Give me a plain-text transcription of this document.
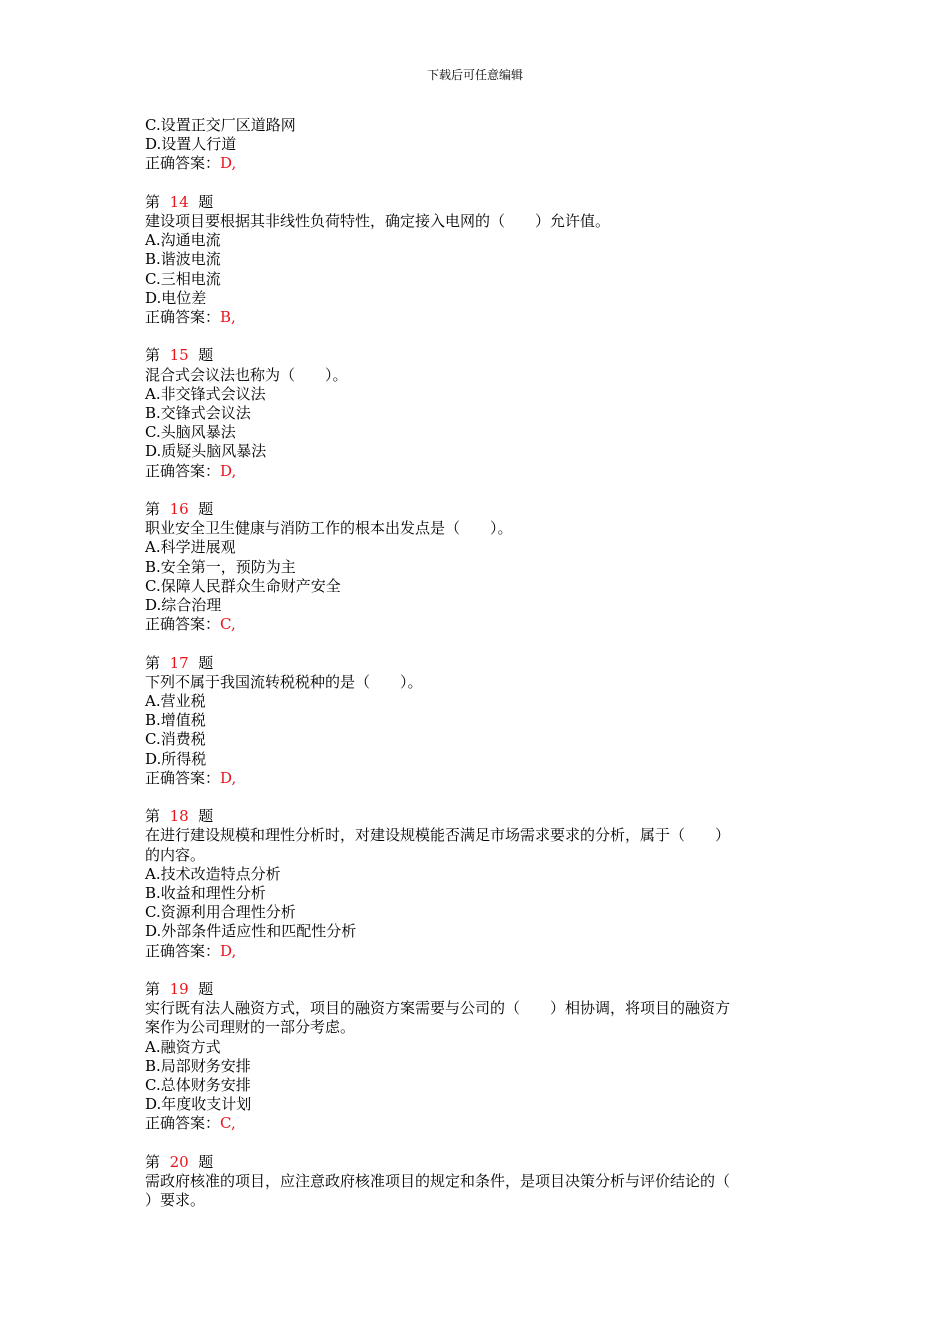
下载后可任意编辑
C.设置正交厂区道路网
D.设置人行道
正确答案：D,
第 14 题
建设项目要根据其非线性负荷特性，确定接入电网的（　　）允许值。
A.沟通电流
B.谐波电流
C.三相电流
D.电位差
正确答案：B,
第 15 题
混合式会议法也称为（　　）。
A.非交锋式会议法
B.交锋式会议法
C.头脑风暴法
D.质疑头脑风暴法
正确答案：D,
第 16 题
职业安全卫生健康与消防工作的根本出发点是（　　）。
A.科学进展观
B.安全第一，预防为主
C.保障人民群众生命财产安全
D.综合治理
正确答案：C,
第 17 题
下列不属于我国流转税税种的是（　　）。
A.营业税
B.增值税
C.消费税
D.所得税
正确答案：D,
第 18 题
在进行建设规模和理性分析时，对建设规模能否满足市场需求要求的分析，属于（　　）
的内容。
A.技术改造特点分析
B.收益和理性分析
C.资源利用合理性分析
D.外部条件适应性和匹配性分析
正确答案：D,
第 19 题
实行既有法人融资方式，项目的融资方案需要与公司的（　　）相协调，将项目的融资方
案作为公司理财的一部分考虑。
A.融资方式
B.局部财务安排
C.总体财务安排
D.年度收支计划
正确答案：C,
第 20 题
需政府核准的项目，应注意政府核准项目的规定和条件，是项目决策分析与评价结论的（
）要求。
